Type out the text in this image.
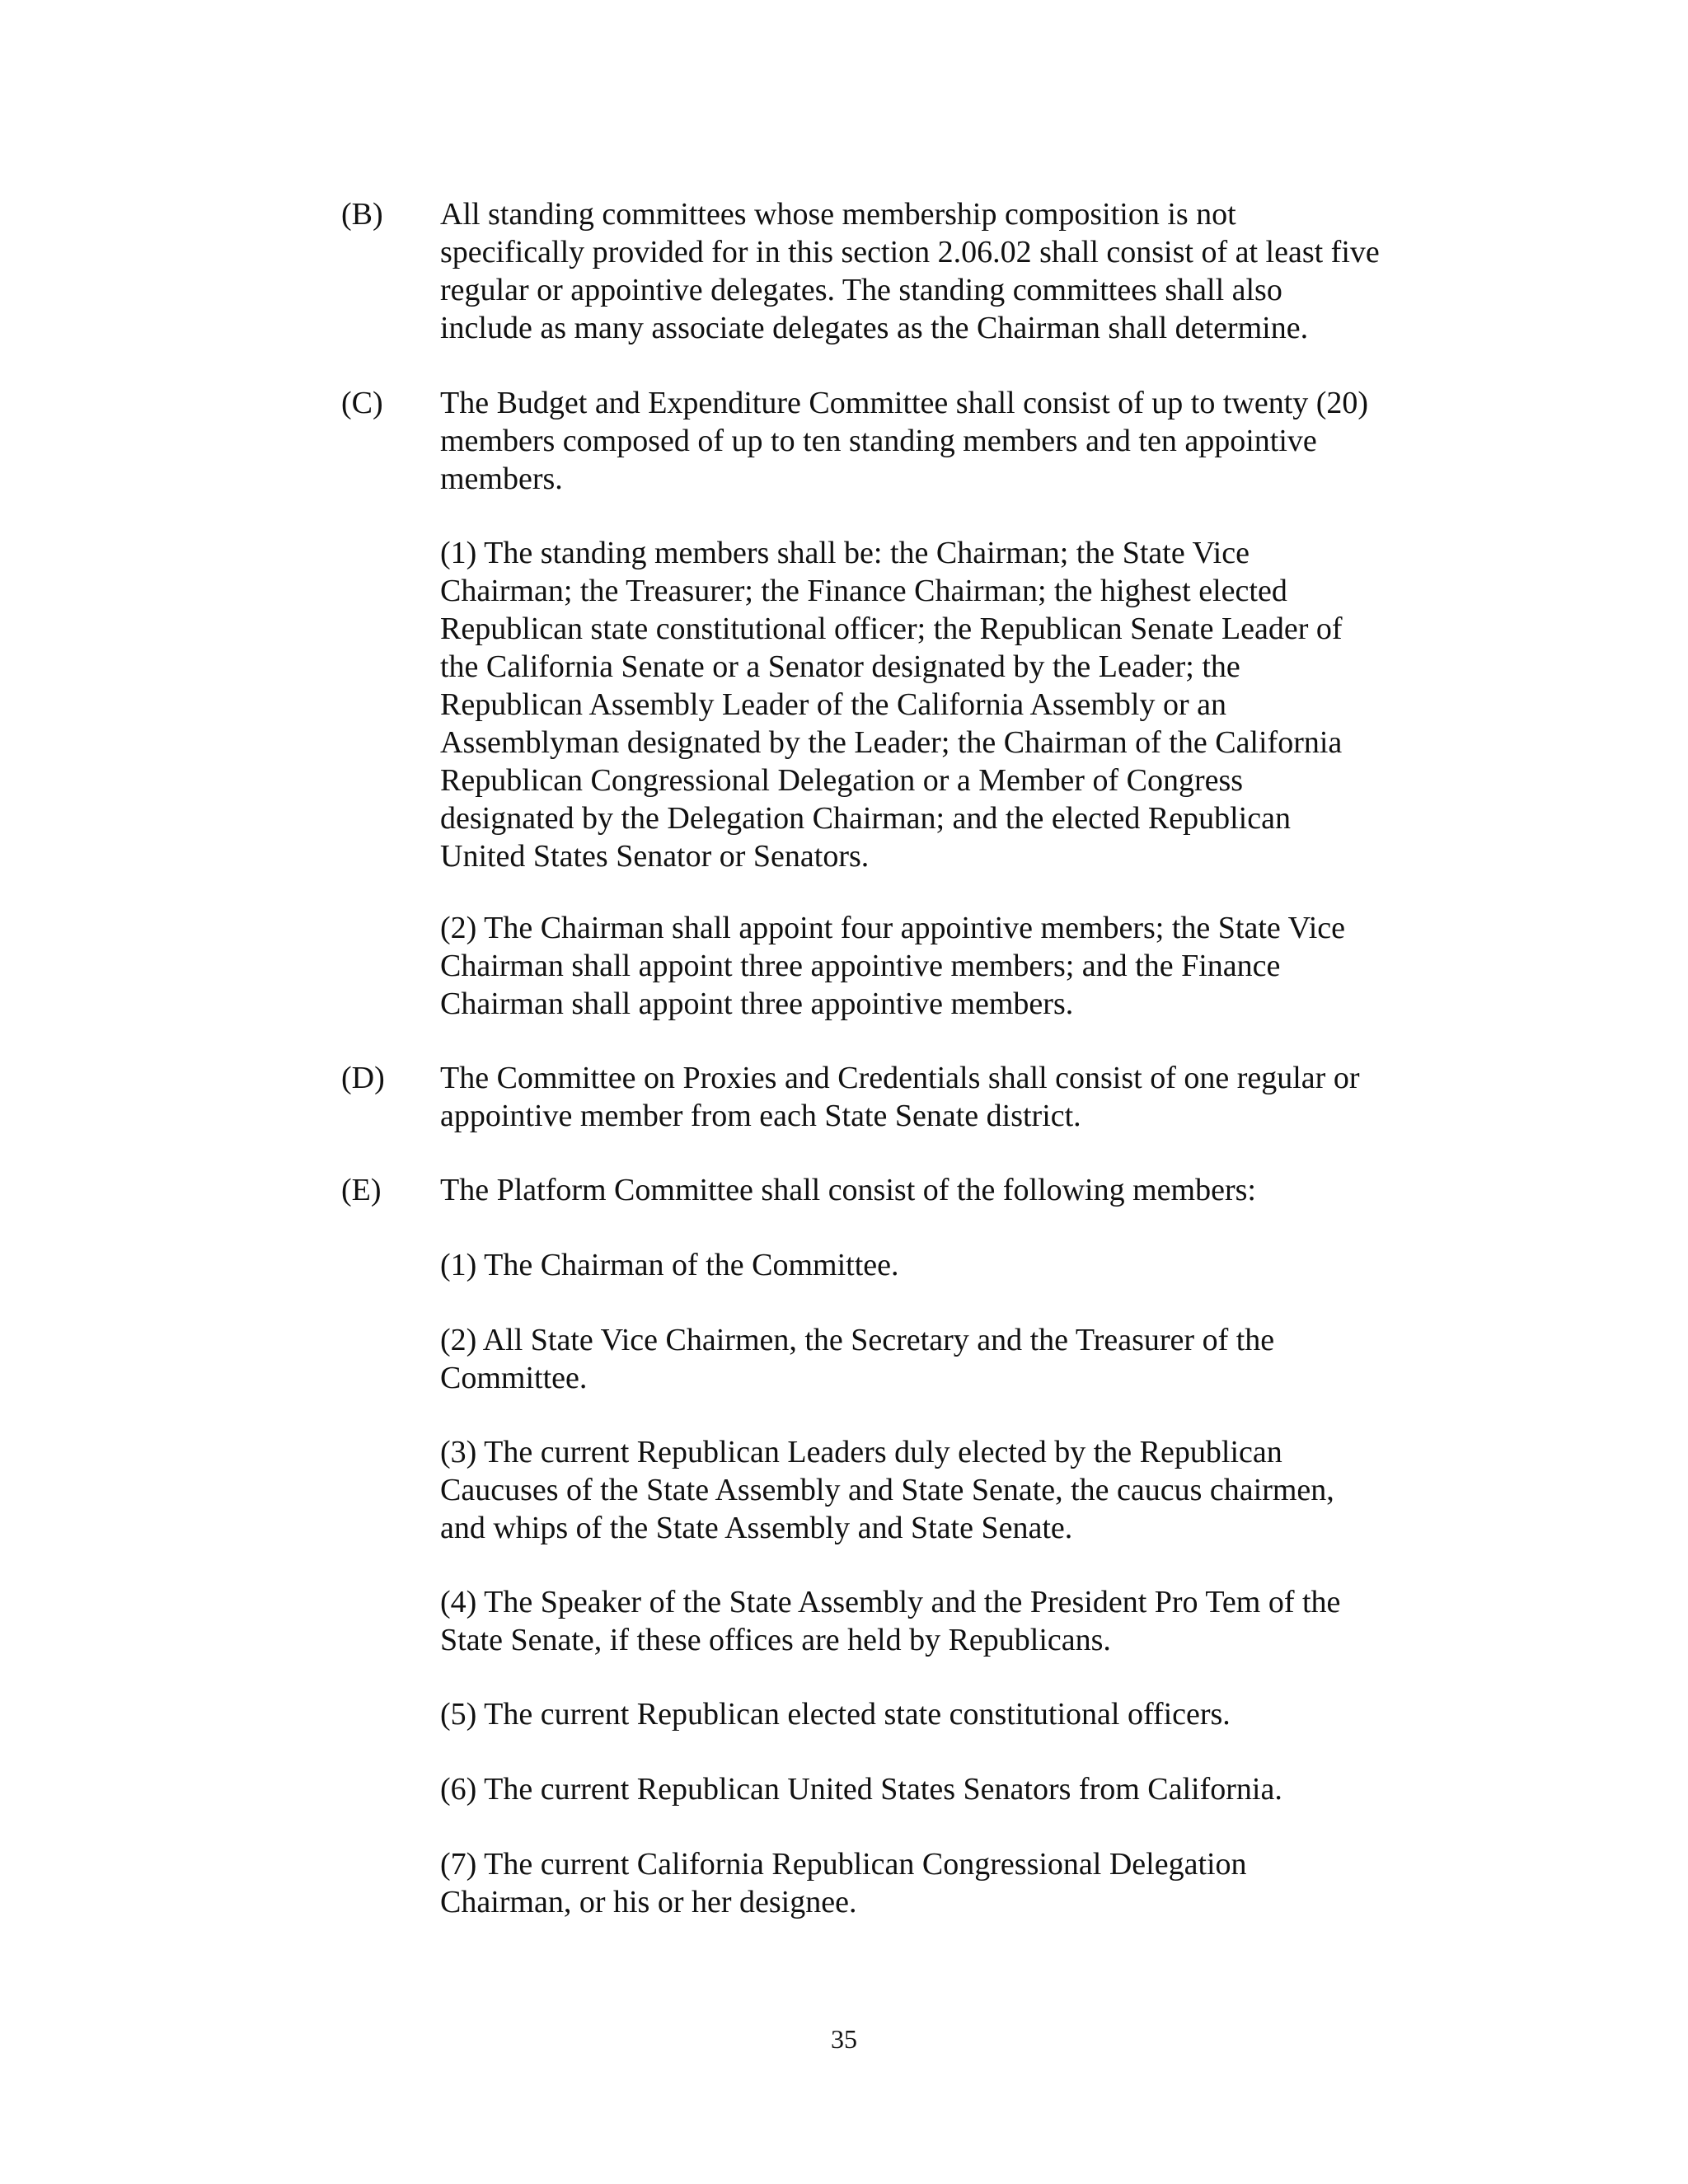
(B)	All standing committees whose membership composition is not
specifically provided for in this section 2.06.02 shall consist of at least five
regular or appointive delegates. The standing committees shall also
include as many associate delegates as the Chairman shall determine.
(C)	The Budget and Expenditure Committee shall consist of up to twenty (20)
members composed of up to ten standing members and ten appointive
members.
(1) The standing members shall be: the Chairman; the State Vice
Chairman; the Treasurer; the Finance Chairman; the highest elected
Republican state constitutional officer; the Republican Senate Leader of
the California Senate or a Senator designated by the Leader; the
Republican Assembly Leader of the California Assembly or an
Assemblyman designated by the Leader; the Chairman of the California
Republican Congressional Delegation or a Member of Congress
designated by the Delegation Chairman; and the elected Republican
United States Senator or Senators.
(2) The Chairman shall appoint four appointive members; the State Vice
Chairman shall appoint three appointive members; and the Finance
Chairman shall appoint three appointive members.
(D)	The Committee on Proxies and Credentials shall consist of one regular or
appointive member from each State Senate district.
(E)	The Platform Committee shall consist of the following members:
(1) The Chairman of the Committee.
(2) All State Vice Chairmen, the Secretary and the Treasurer of the
Committee.
(3) The current Republican Leaders duly elected by the Republican
Caucuses of the State Assembly and State Senate, the caucus chairmen,
and whips of the State Assembly and State Senate.
(4) The Speaker of the State Assembly and the President Pro Tem of the
State Senate, if these offices are held by Republicans.
(5) The current Republican elected state constitutional officers.
(6) The current Republican United States Senators from California.
(7) The current California Republican Congressional Delegation
Chairman, or his or her designee.
35
